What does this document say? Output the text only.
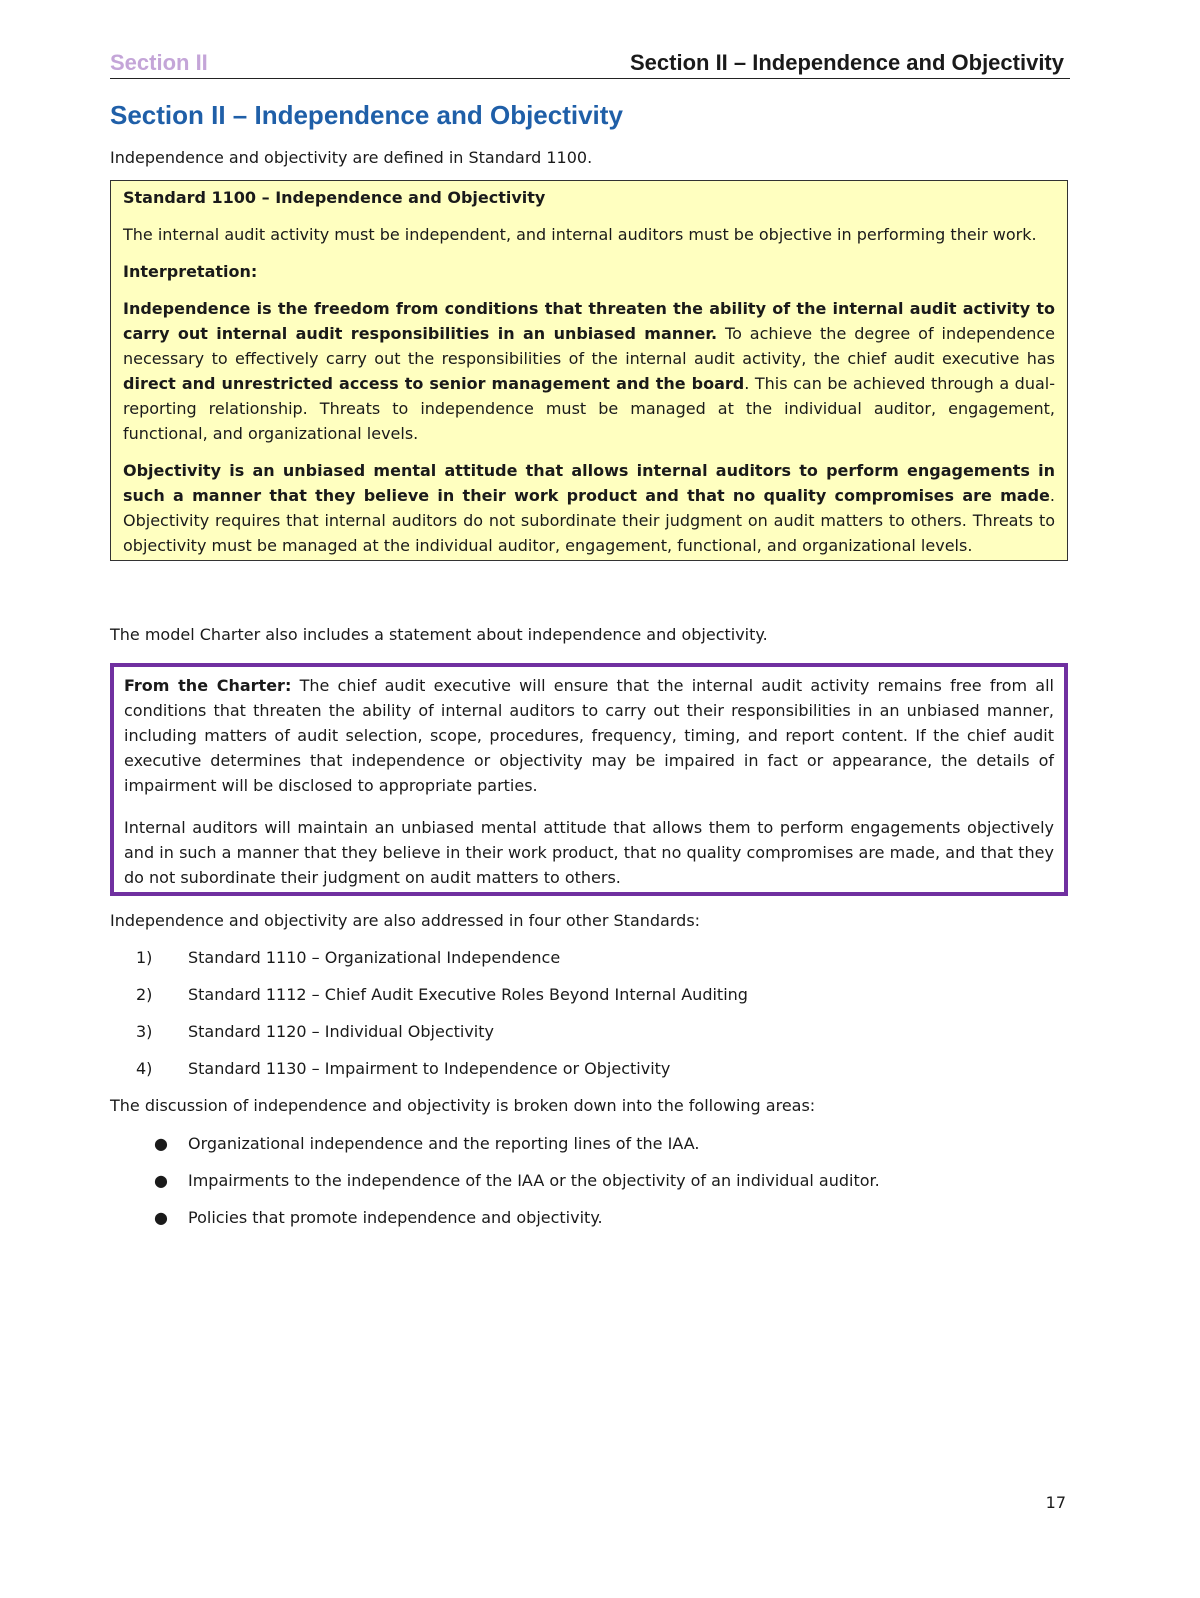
Section II	Section II – Independence and Objectivity
Section II – Independence and Objectivity

Independence and objectivity are defined in Standard 1100.

Standard 1100 – Independence and Objectivity

The internal audit activity must be independent, and internal auditors must be objective in performing their work.

Interpretation:

Independence is the freedom from conditions that threaten the ability of the internal audit activity to carry out internal audit responsibilities in an unbiased manner. To achieve the degree of independence necessary to effectively carry out the responsibilities of the internal audit activity, the chief audit executive has direct and unrestricted access to senior management and the board. This can be achieved through a dual-reporting relationship. Threats to independence must be managed at the individual auditor, engagement, functional, and organizational levels.

Objectivity is an unbiased mental attitude that allows internal auditors to perform engagements in such a manner that they believe in their work product and that no quality compromises are made. Objectivity requires that internal auditors do not subordinate their judgment on audit matters to others. Threats to objectivity must be managed at the individual auditor, engagement, functional, and organizational levels.

The model Charter also includes a statement about independence and objectivity.

From the Charter: The chief audit executive will ensure that the internal audit activity remains free from all conditions that threaten the ability of internal auditors to carry out their responsibilities in an unbiased manner, including matters of audit selection, scope, procedures, frequency, timing, and report content. If the chief audit executive determines that independence or objectivity may be impaired in fact or appearance, the details of impairment will be disclosed to appropriate parties.

Internal auditors will maintain an unbiased mental attitude that allows them to perform engagements objectively and in such a manner that they believe in their work product, that no quality compromises are made, and that they do not subordinate their judgment on audit matters to others.

Independence and objectivity are also addressed in four other Standards:

1) Standard 1110 – Organizational Independence
2) Standard 1112 – Chief Audit Executive Roles Beyond Internal Auditing
3) Standard 1120 – Individual Objectivity
4) Standard 1130 – Impairment to Independence or Objectivity

The discussion of independence and objectivity is broken down into the following areas:

● Organizational independence and the reporting lines of the IAA.
● Impairments to the independence of the IAA or the objectivity of an individual auditor.
● Policies that promote independence and objectivity.
17
